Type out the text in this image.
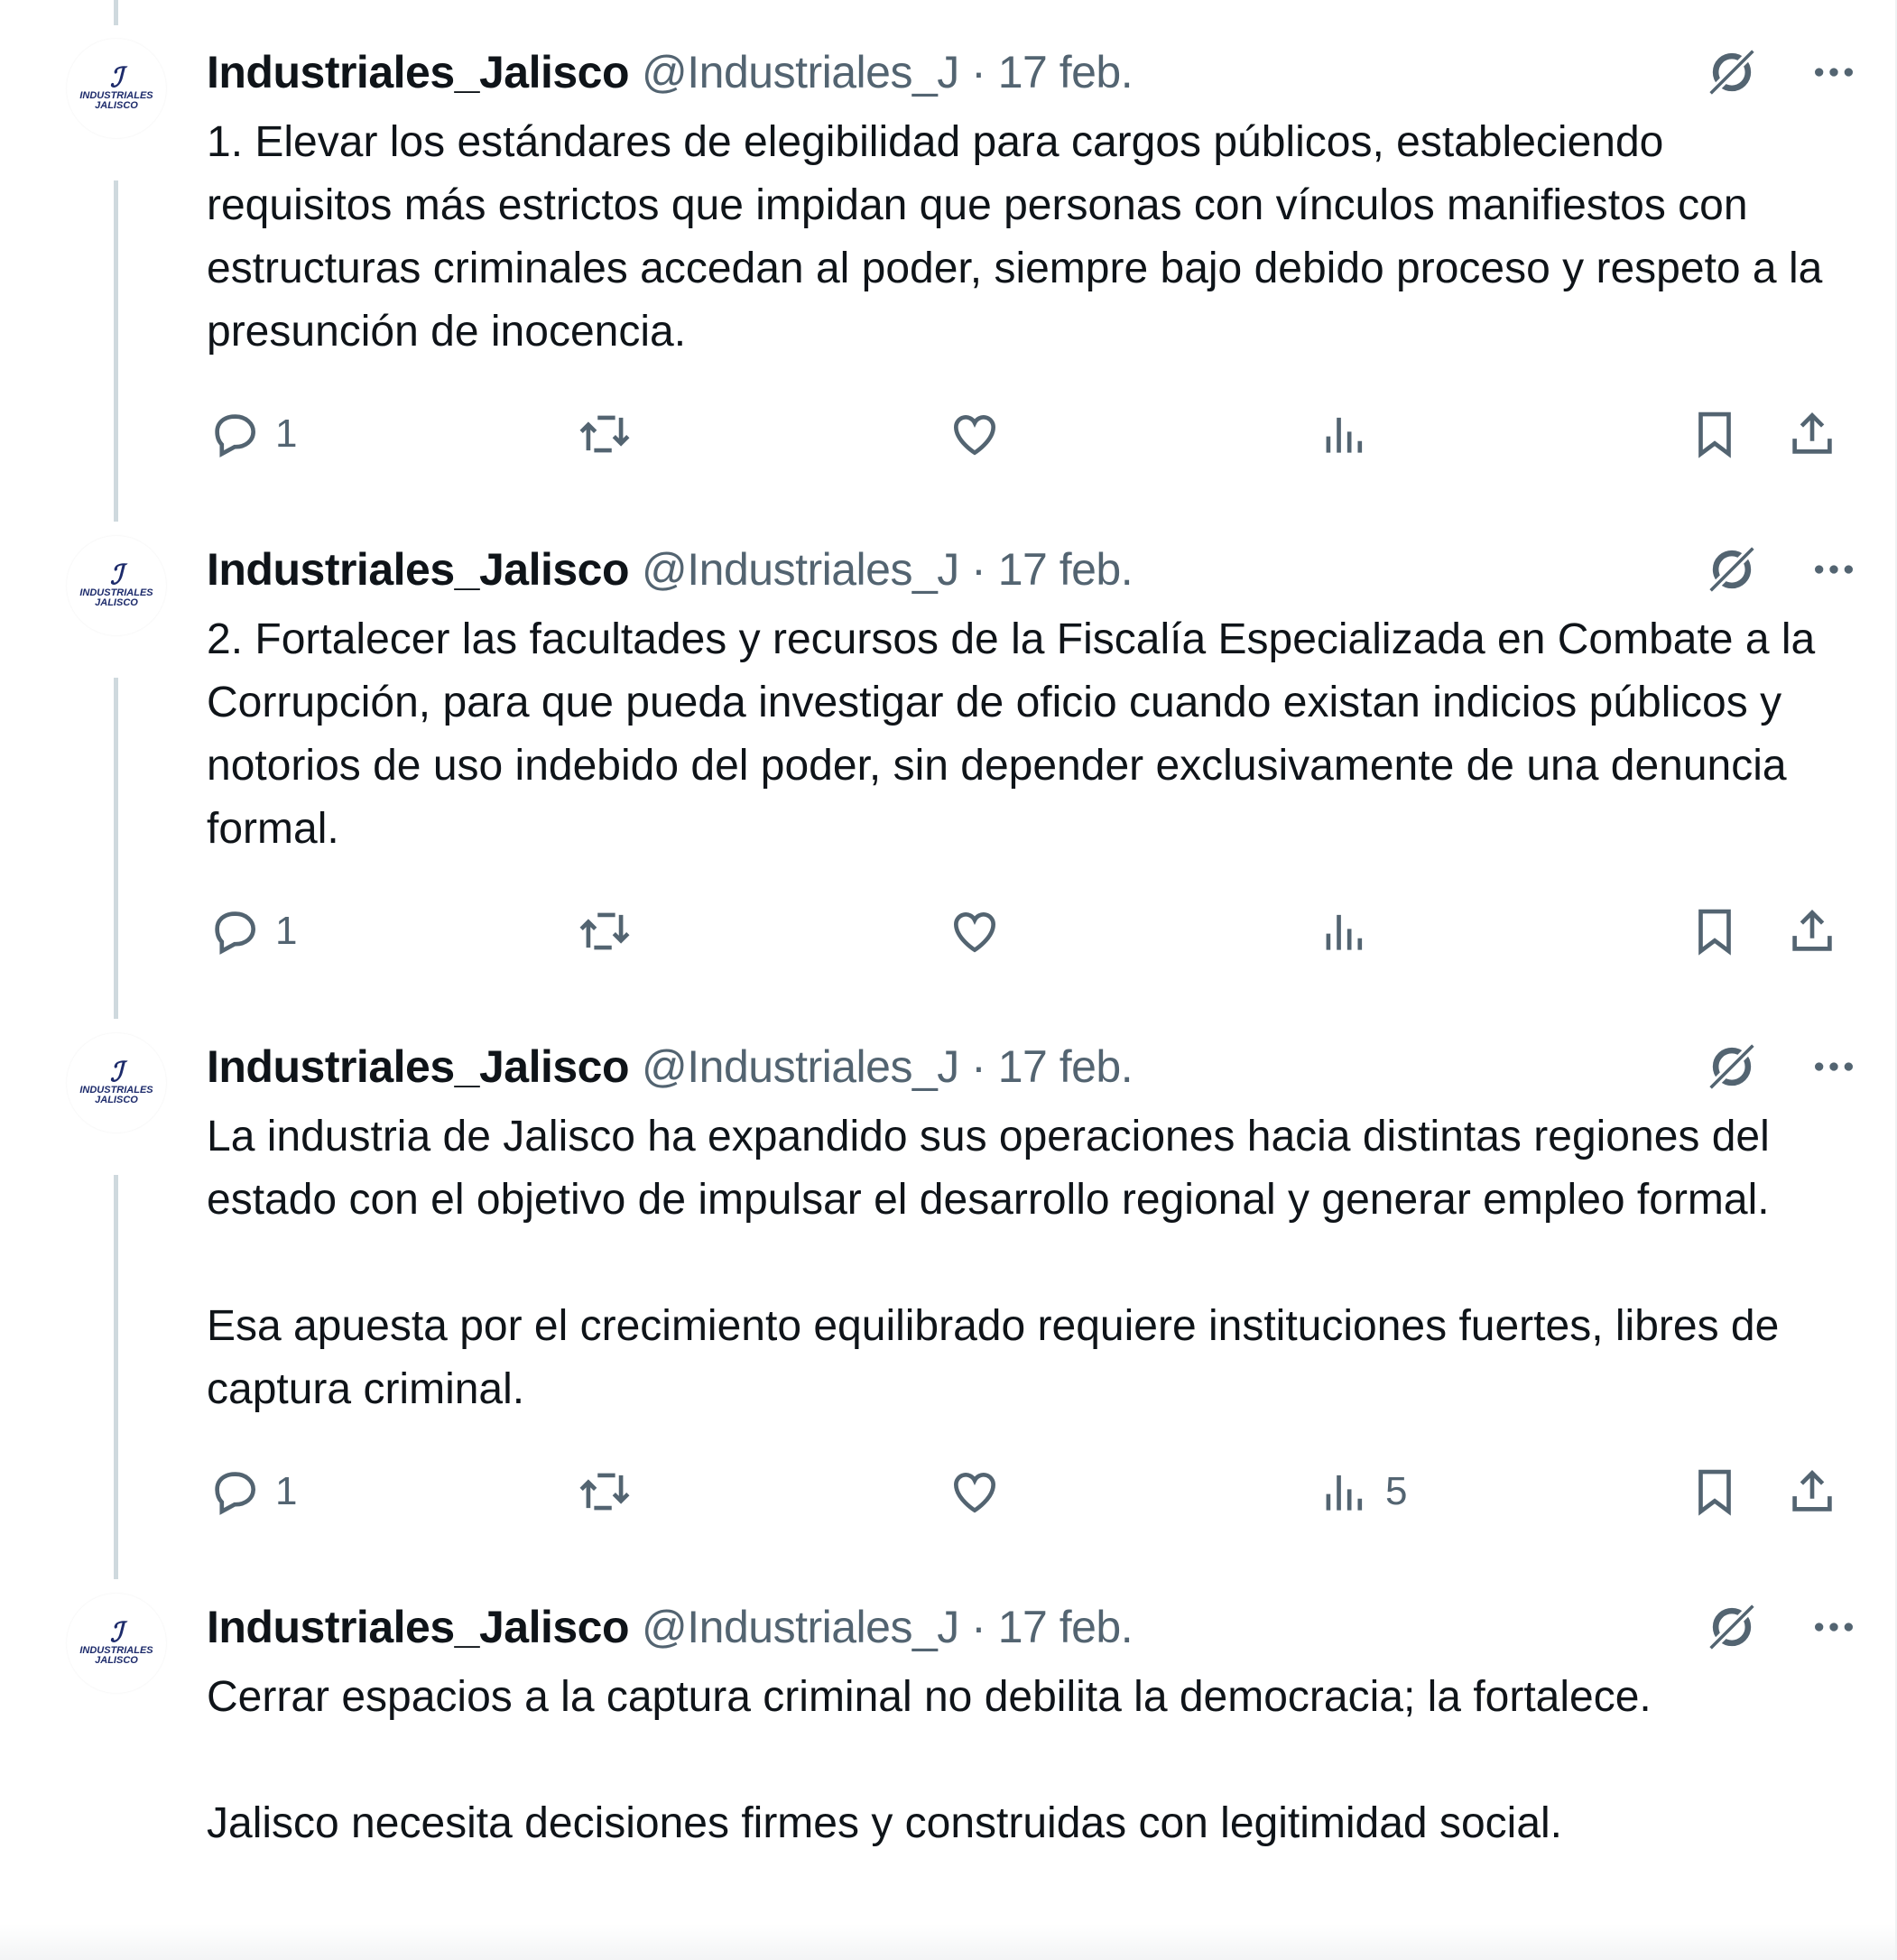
ℐ
INDUSTRIALES
JALISCO
Industriales_Jalisco @Industriales_J · 17 feb.

1. Elevar los estándares de elegibilidad para cargos públicos, estableciendo requisitos más estrictos que impidan que personas con vínculos manifiestos con estructuras criminales accedan al poder, siempre bajo debido proceso y respeto a la presunción de inocencia.

1
ℐ
INDUSTRIALES
JALISCO
Industriales_Jalisco @Industriales_J · 17 feb.

2. Fortalecer las facultades y recursos de la Fiscalía Especializada en Combate a la Corrupción, para que pueda investigar de oficio cuando existan indicios públicos y notorios de uso indebido del poder, sin depender exclusivamente de una denuncia formal.

1
ℐ
INDUSTRIALES
JALISCO
Industriales_Jalisco @Industriales_J · 17 feb.

La industria de Jalisco ha expandido sus operaciones hacia distintas regiones del estado con el objetivo de impulsar el desarrollo regional y generar empleo formal.

Esa apuesta por el crecimiento equilibrado requiere instituciones fuertes, libres de captura criminal.

1	5
ℐ
INDUSTRIALES
JALISCO
Industriales_Jalisco @Industriales_J · 17 feb.

Cerrar espacios a la captura criminal no debilita la democracia; la fortalece.

Jalisco necesita decisiones firmes y construidas con legitimidad social.
